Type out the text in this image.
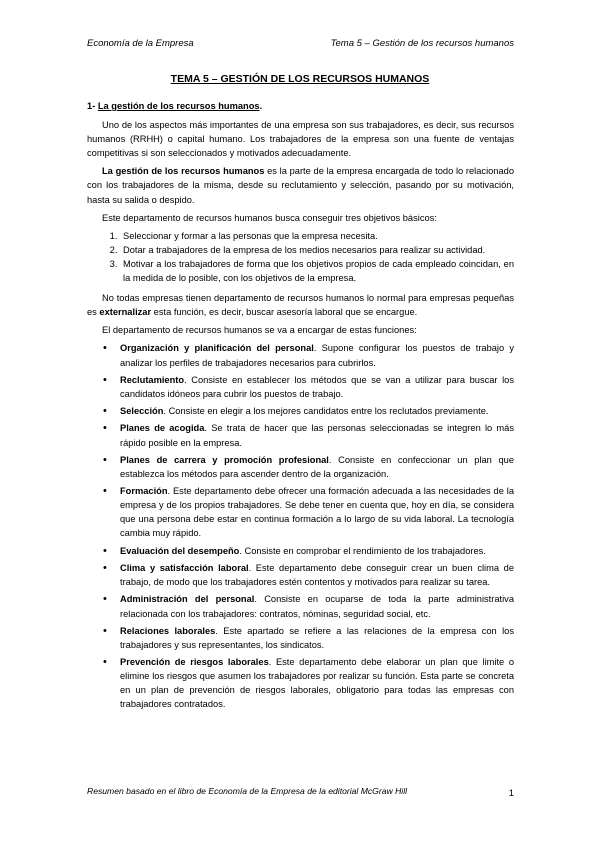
Economía de la Empresa	Tema 5 – Gestión de los recursos humanos
TEMA 5 – GESTIÓN DE LOS RECURSOS HUMANOS
1- La gestión de los recursos humanos.

Uno de los aspectos más importantes de una empresa son sus trabajadores, es decir, sus recursos humanos (RRHH) o capital humano. Los trabajadores de la empresa son una fuente de ventajas competitivas si son seleccionados y motivados adecuadamente.

La gestión de los recursos humanos es la parte de la empresa encargada de todo lo relacionado con los trabajadores de la misma, desde su reclutamiento y selección, pasando por su motivación, hasta su salida o despido.

Este departamento de recursos humanos busca conseguir tres objetivos básicos:

1. Seleccionar y formar a las personas que la empresa necesita.
2. Dotar a trabajadores de la empresa de los medios necesarios para realizar su actividad.
3. Motivar a los trabajadores de forma que los objetivos propios de cada empleado coincidan, en la medida de lo posible, con los objetivos de la empresa.

No todas empresas tienen departamento de recursos humanos lo normal para empresas pequeñas es externalizar esta función, es decir, buscar asesoría laboral que se encargue.

El departamento de recursos humanos se va a encargar de estas funciones:

• Organización y planificación del personal. Supone configurar los puestos de trabajo y analizar los perfiles de trabajadores necesarios para cubrirlos.
• Reclutamiento. Consiste en establecer los métodos que se van a utilizar para buscar los candidatos idóneos para cubrir los puestos de trabajo.
• Selección. Consiste en elegir a los mejores candidatos entre los reclutados previamente.
• Planes de acogida. Se trata de hacer que las personas seleccionadas se integren lo más rápido posible en la empresa.
• Planes de carrera y promoción profesional. Consiste en confeccionar un plan que establezca los métodos para ascender dentro de la organización.
• Formación. Este departamento debe ofrecer una formación adecuada a las necesidades de la empresa y de los propios trabajadores. Se debe tener en cuenta que, hoy en día, se considera que una persona debe estar en continua formación a lo largo de su vida laboral. La tecnología cambia muy rápido.
• Evaluación del desempeño. Consiste en comprobar el rendimiento de los trabajadores.
• Clima y satisfacción laboral. Este departamento debe conseguir crear un buen clima de trabajo, de modo que los trabajadores estén contentos y motivados para realizar su tarea.
• Administración del personal. Consiste en ocuparse de toda la parte administrativa relacionada con los trabajadores: contratos, nóminas, seguridad social, etc.
• Relaciones laborales. Este apartado se refiere a las relaciones de la empresa con los trabajadores y sus representantes, los sindicatos.
• Prevención de riesgos laborales. Este departamento debe elaborar un plan que limite o elimine los riesgos que asumen los trabajadores por realizar su función. Esta parte se concreta en un plan de prevención de riesgos laborales, obligatorio para todas las empresas con trabajadores contratados.
Resumen basado en el libro de Economía de la Empresa de la editorial McGraw Hill	1
